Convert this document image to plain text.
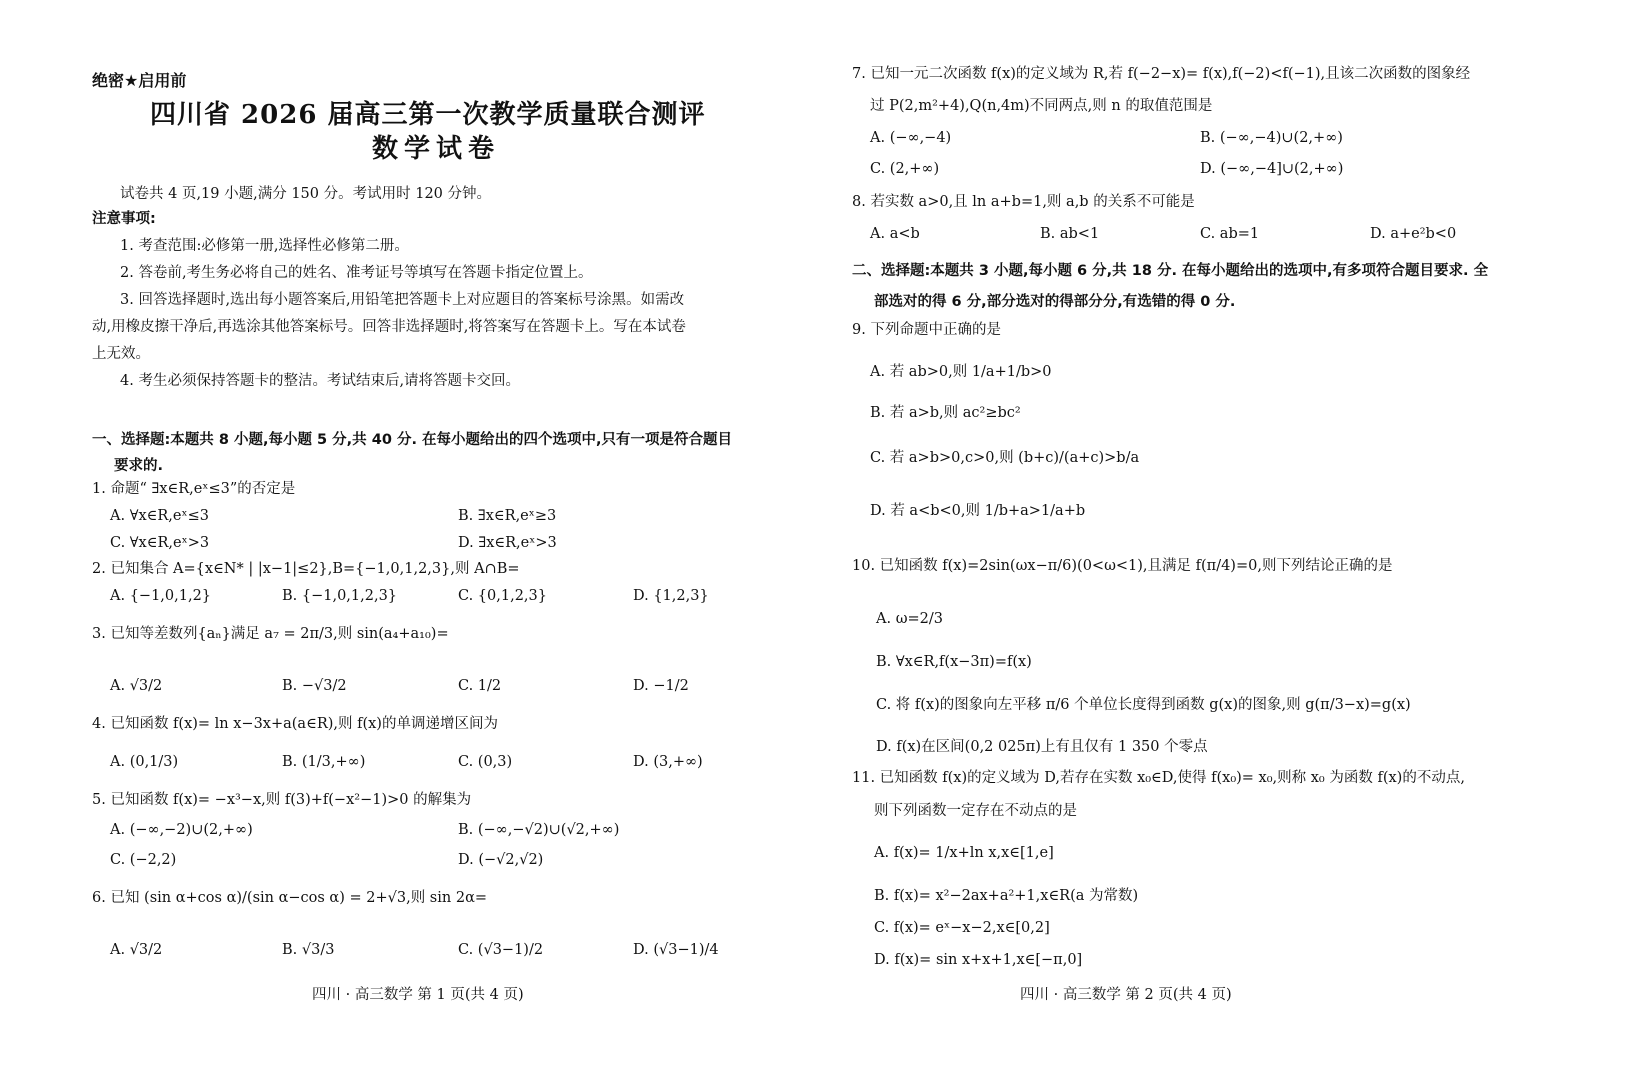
绝密★启用前
四川省 2026 届高三第一次教学质量联合测评
数学试卷
试卷共 4 页,19 小题,满分 150 分。考试用时 120 分钟。
注意事项:
1. 考查范围:必修第一册,选择性必修第二册。
2. 答卷前,考生务必将自己的姓名、准考证号等填写在答题卡指定位置上。
3. 回答选择题时,选出每小题答案后,用铅笔把答题卡上对应题目的答案标号涂黑。如需改
动,用橡皮擦干净后,再选涂其他答案标号。回答非选择题时,将答案写在答题卡上。写在本试卷
上无效。
4. 考生必须保持答题卡的整洁。考试结束后,请将答题卡交回。
一、选择题:本题共 8 小题,每小题 5 分,共 40 分. 在每小题给出的四个选项中,只有一项是符合题目
要求的.
1. 命题“ ∃x∈R,eˣ≤3”的否定是
A. ∀x∈R,eˣ≤3	B. ∃x∈R,eˣ≥3
C. ∀x∈R,eˣ>3	D. ∃x∈R,eˣ>3
2. 已知集合 A={x∈N* | |x−1|≤2},B={−1,0,1,2,3},则 A∩B=
A. {−1,0,1,2}	B. {−1,0,1,2,3}	C. {0,1,2,3}	D. {1,2,3}
3. 已知等差数列{aₙ}满足 a₇ = 2π/3,则 sin(a₄+a₁₀)=
A. √3/2	B. −√3/2	C. 1/2	D. −1/2
4. 已知函数 f(x)= ln x−3x+a(a∈R),则 f(x)的单调递增区间为
A. (0,1/3)	B. (1/3,+∞)	C. (0,3)	D. (3,+∞)
5. 已知函数 f(x)= −x³−x,则 f(3)+f(−x²−1)>0 的解集为
A. (−∞,−2)∪(2,+∞)	B. (−∞,−√2)∪(√2,+∞)
C. (−2,2)	D. (−√2,√2)
6. 已知 (sin α+cos α)/(sin α−cos α) = 2+√3,则 sin 2α=
A. √3/2	B. √3/3	C. (√3−1)/2	D. (√3−1)/4
四川 · 高三数学 第 1 页(共 4 页)
7. 已知一元二次函数 f(x)的定义域为 R,若 f(−2−x)= f(x),f(−2)<f(−1),且该二次函数的图象经
过 P(2,m²+4),Q(n,4m)不同两点,则 n 的取值范围是
A. (−∞,−4)	B. (−∞,−4)∪(2,+∞)
C. (2,+∞)	D. (−∞,−4]∪(2,+∞)
8. 若实数 a>0,且 ln a+b=1,则 a,b 的关系不可能是
A. a<b	B. ab<1	C. ab=1	D. a+e²b<0
二、选择题:本题共 3 小题,每小题 6 分,共 18 分. 在每小题给出的选项中,有多项符合题目要求. 全
部选对的得 6 分,部分选对的得部分分,有选错的得 0 分.
9. 下列命题中正确的是
A. 若 ab>0,则 1/a+1/b>0
B. 若 a>b,则 ac²≥bc²
C. 若 a>b>0,c>0,则 (b+c)/(a+c)>b/a
D. 若 a<b<0,则 1/b+a>1/a+b
10. 已知函数 f(x)=2sin(ωx−π/6)(0<ω<1),且满足 f(π/4)=0,则下列结论正确的是
A. ω=2/3
B. ∀x∈R,f(x−3π)=f(x)
C. 将 f(x)的图象向左平移 π/6 个单位长度得到函数 g(x)的图象,则 g(π/3−x)=g(x)
D. f(x)在区间(0,2 025π)上有且仅有 1 350 个零点
11. 已知函数 f(x)的定义域为 D,若存在实数 x₀∈D,使得 f(x₀)= x₀,则称 x₀ 为函数 f(x)的不动点,
则下列函数一定存在不动点的是
A. f(x)= 1/x+ln x,x∈[1,e]
B. f(x)= x²−2ax+a²+1,x∈R(a 为常数)
C. f(x)= eˣ−x−2,x∈[0,2]
D. f(x)= sin x+x+1,x∈[−π,0]
四川 · 高三数学 第 2 页(共 4 页)
